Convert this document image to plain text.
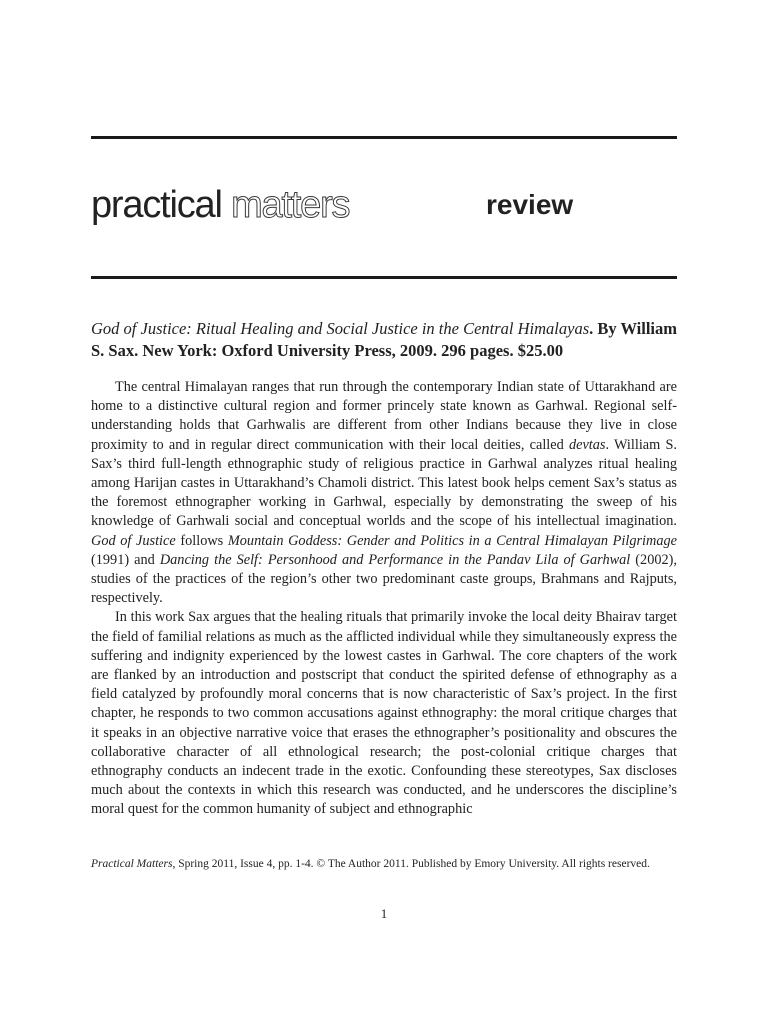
practical matters	review
God of Justice: Ritual Healing and Social Justice in the Central Himalayas. By William S. Sax. New York: Oxford University Press, 2009. 296 pages. $25.00

The central Himalayan ranges that run through the contemporary Indian state of Uttarakhand are home to a distinctive cultural region and former princely state known as Garhwal. Regional self-understanding holds that Garhwalis are different from other Indians because they live in close proximity to and in regular direct communication with their local deities, called devtas. William S. Sax’s third full-length ethnographic study of religious practice in Garhwal analyzes ritual healing among Harijan castes in Uttarakhand’s Chamoli district. This latest book helps cement Sax’s status as the foremost ethnographer working in Garhwal, especially by demonstrating the sweep of his knowledge of Garhwali social and conceptual worlds and the scope of his intellectual imagination. God of Justice follows Mountain Goddess: Gender and Politics in a Central Himalayan Pilgrimage (1991) and Dancing the Self: Personhood and Performance in the Pandav Lila of Garhwal (2002), studies of the practices of the region’s other two predominant caste groups, Brahmans and Rajputs, respectively.

In this work Sax argues that the healing rituals that primarily invoke the local deity Bhairav target the field of familial relations as much as the afflicted individual while they simultaneously express the suffering and indignity experienced by the lowest castes in Garhwal. The core chapters of the work are flanked by an introduction and postscript that conduct the spirited defense of ethnography as a field catalyzed by profoundly moral concerns that is now characteristic of Sax’s project. In the first chapter, he responds to two common accusations against ethnography: the moral critique charges that it speaks in an objective narrative voice that erases the ethnographer’s positionality and obscures the collaborative character of all ethnological research; the post-colonial critique charges that ethnography conducts an indecent trade in the exotic. Confounding these stereotypes, Sax discloses much about the contexts in which this research was conducted, and he underscores the discipline’s moral quest for the common humanity of subject and ethnographic

Practical Matters, Spring 2011, Issue 4, pp. 1-4. © The Author 2011. Published by Emory University. All rights reserved.
1
